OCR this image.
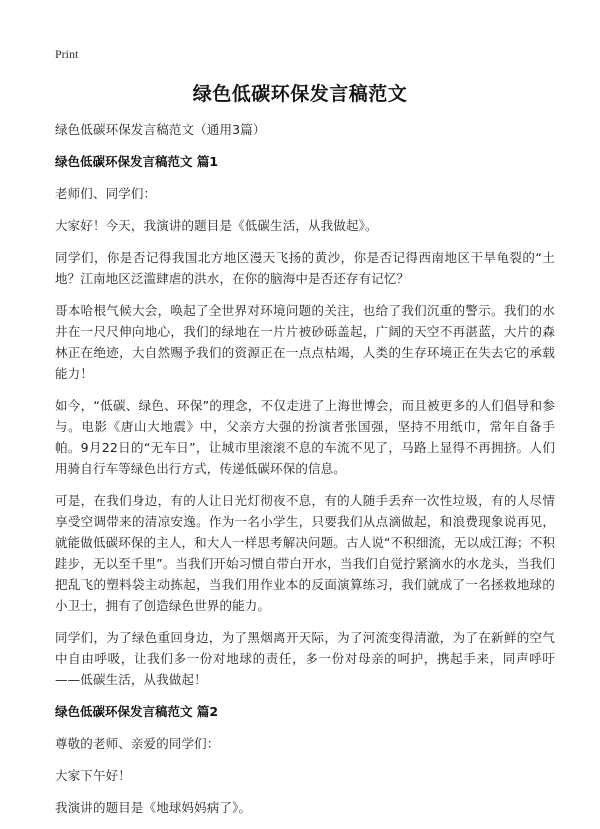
Print
绿色低碳环保发言稿范文

绿色低碳环保发言稿范文（通用3篇）

绿色低碳环保发言稿范文 篇1

老师们、同学们：

大家好！今天，我演讲的题目是《低碳生活，从我做起》。

同学们，你是否记得我国北方地区漫天飞扬的黄沙，你是否记得西南地区干旱龟裂的“土地？江南地区泛滥肆虐的洪水，在你的脑海中是否还存有记忆？

哥本哈根气候大会，唤起了全世界对环境问题的关注，也给了我们沉重的警示。我们的水井在一尺尺伸向地心，我们的绿地在一片片被砂砾盖起，广阔的天空不再湛蓝，大片的森林正在绝迹，大自然赐予我们的资源正在一点点枯竭，人类的生存环境正在失去它的承载能力！

如今，“低碳、绿色、环保”的理念，不仅走进了上海世博会，而且被更多的人们倡导和参与。电影《唐山大地震》中，父亲方大强的扮演者张国强，坚持不用纸巾，常年自备手帕。9月22日的“无车日”，让城市里滚滚不息的车流不见了，马路上显得不再拥挤。人们用骑自行车等绿色出行方式，传递低碳环保的信息。

可是，在我们身边，有的人让日光灯彻夜不息，有的人随手丢弃一次性垃圾，有的人尽情享受空调带来的清凉安逸。作为一名小学生，只要我们从点滴做起，和浪费现象说再见，就能做低碳环保的主人，和大人一样思考解决问题。古人说“不积细流，无以成江海；不积跬步，无以至千里”。当我们开始习惯自带白开水，当我们自觉拧紧滴水的水龙头，当我们把乱飞的塑料袋主动拣起，当我们用作业本的反面演算练习，我们就成了一名拯救地球的小卫士，拥有了创造绿色世界的能力。

同学们，为了绿色重回身边，为了黑烟离开天际，为了河流变得清澈，为了在新鲜的空气中自由呼吸，让我们多一份对地球的责任，多一份对母亲的呵护，携起手来，同声呼吁——低碳生活，从我做起！

绿色低碳环保发言稿范文 篇2

尊敬的老师、亲爱的同学们：

大家下午好！

我演讲的题目是《地球妈妈病了》。
